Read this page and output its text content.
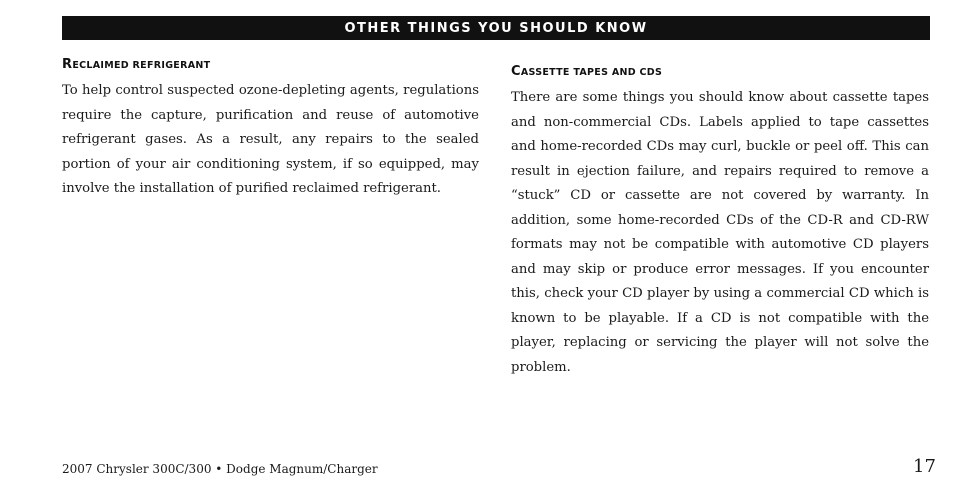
OTHER THINGS YOU SHOULD KNOW
RECLAIMED REFRIGERANT

To help control suspected ozone-depleting agents, regulations require the capture, purification and reuse of automotive refrigerant gases. As a result, any repairs to the sealed portion of your air conditioning system, if so equipped, may involve the installation of purified reclaimed refrigerant.

CASSETTE TAPES AND CDS

There are some things you should know about cassette tapes and non-commercial CDs. Labels applied to tape cassettes and home-recorded CDs may curl, buckle or peel off. This can result in ejection failure, and repairs required to remove a “stuck” CD or cassette are not covered by warranty. In addition, some home-recorded CDs of the CD-R and CD-RW formats may not be compatible with automotive CD players and may skip or produce error messages. If you encounter this, check your CD player by using a commercial CD which is known to be playable. If a CD is not compatible with the player, replacing or servicing the player will not solve the problem.

2007 Chrysler 300C/300 • Dodge Magnum/Charger	17
